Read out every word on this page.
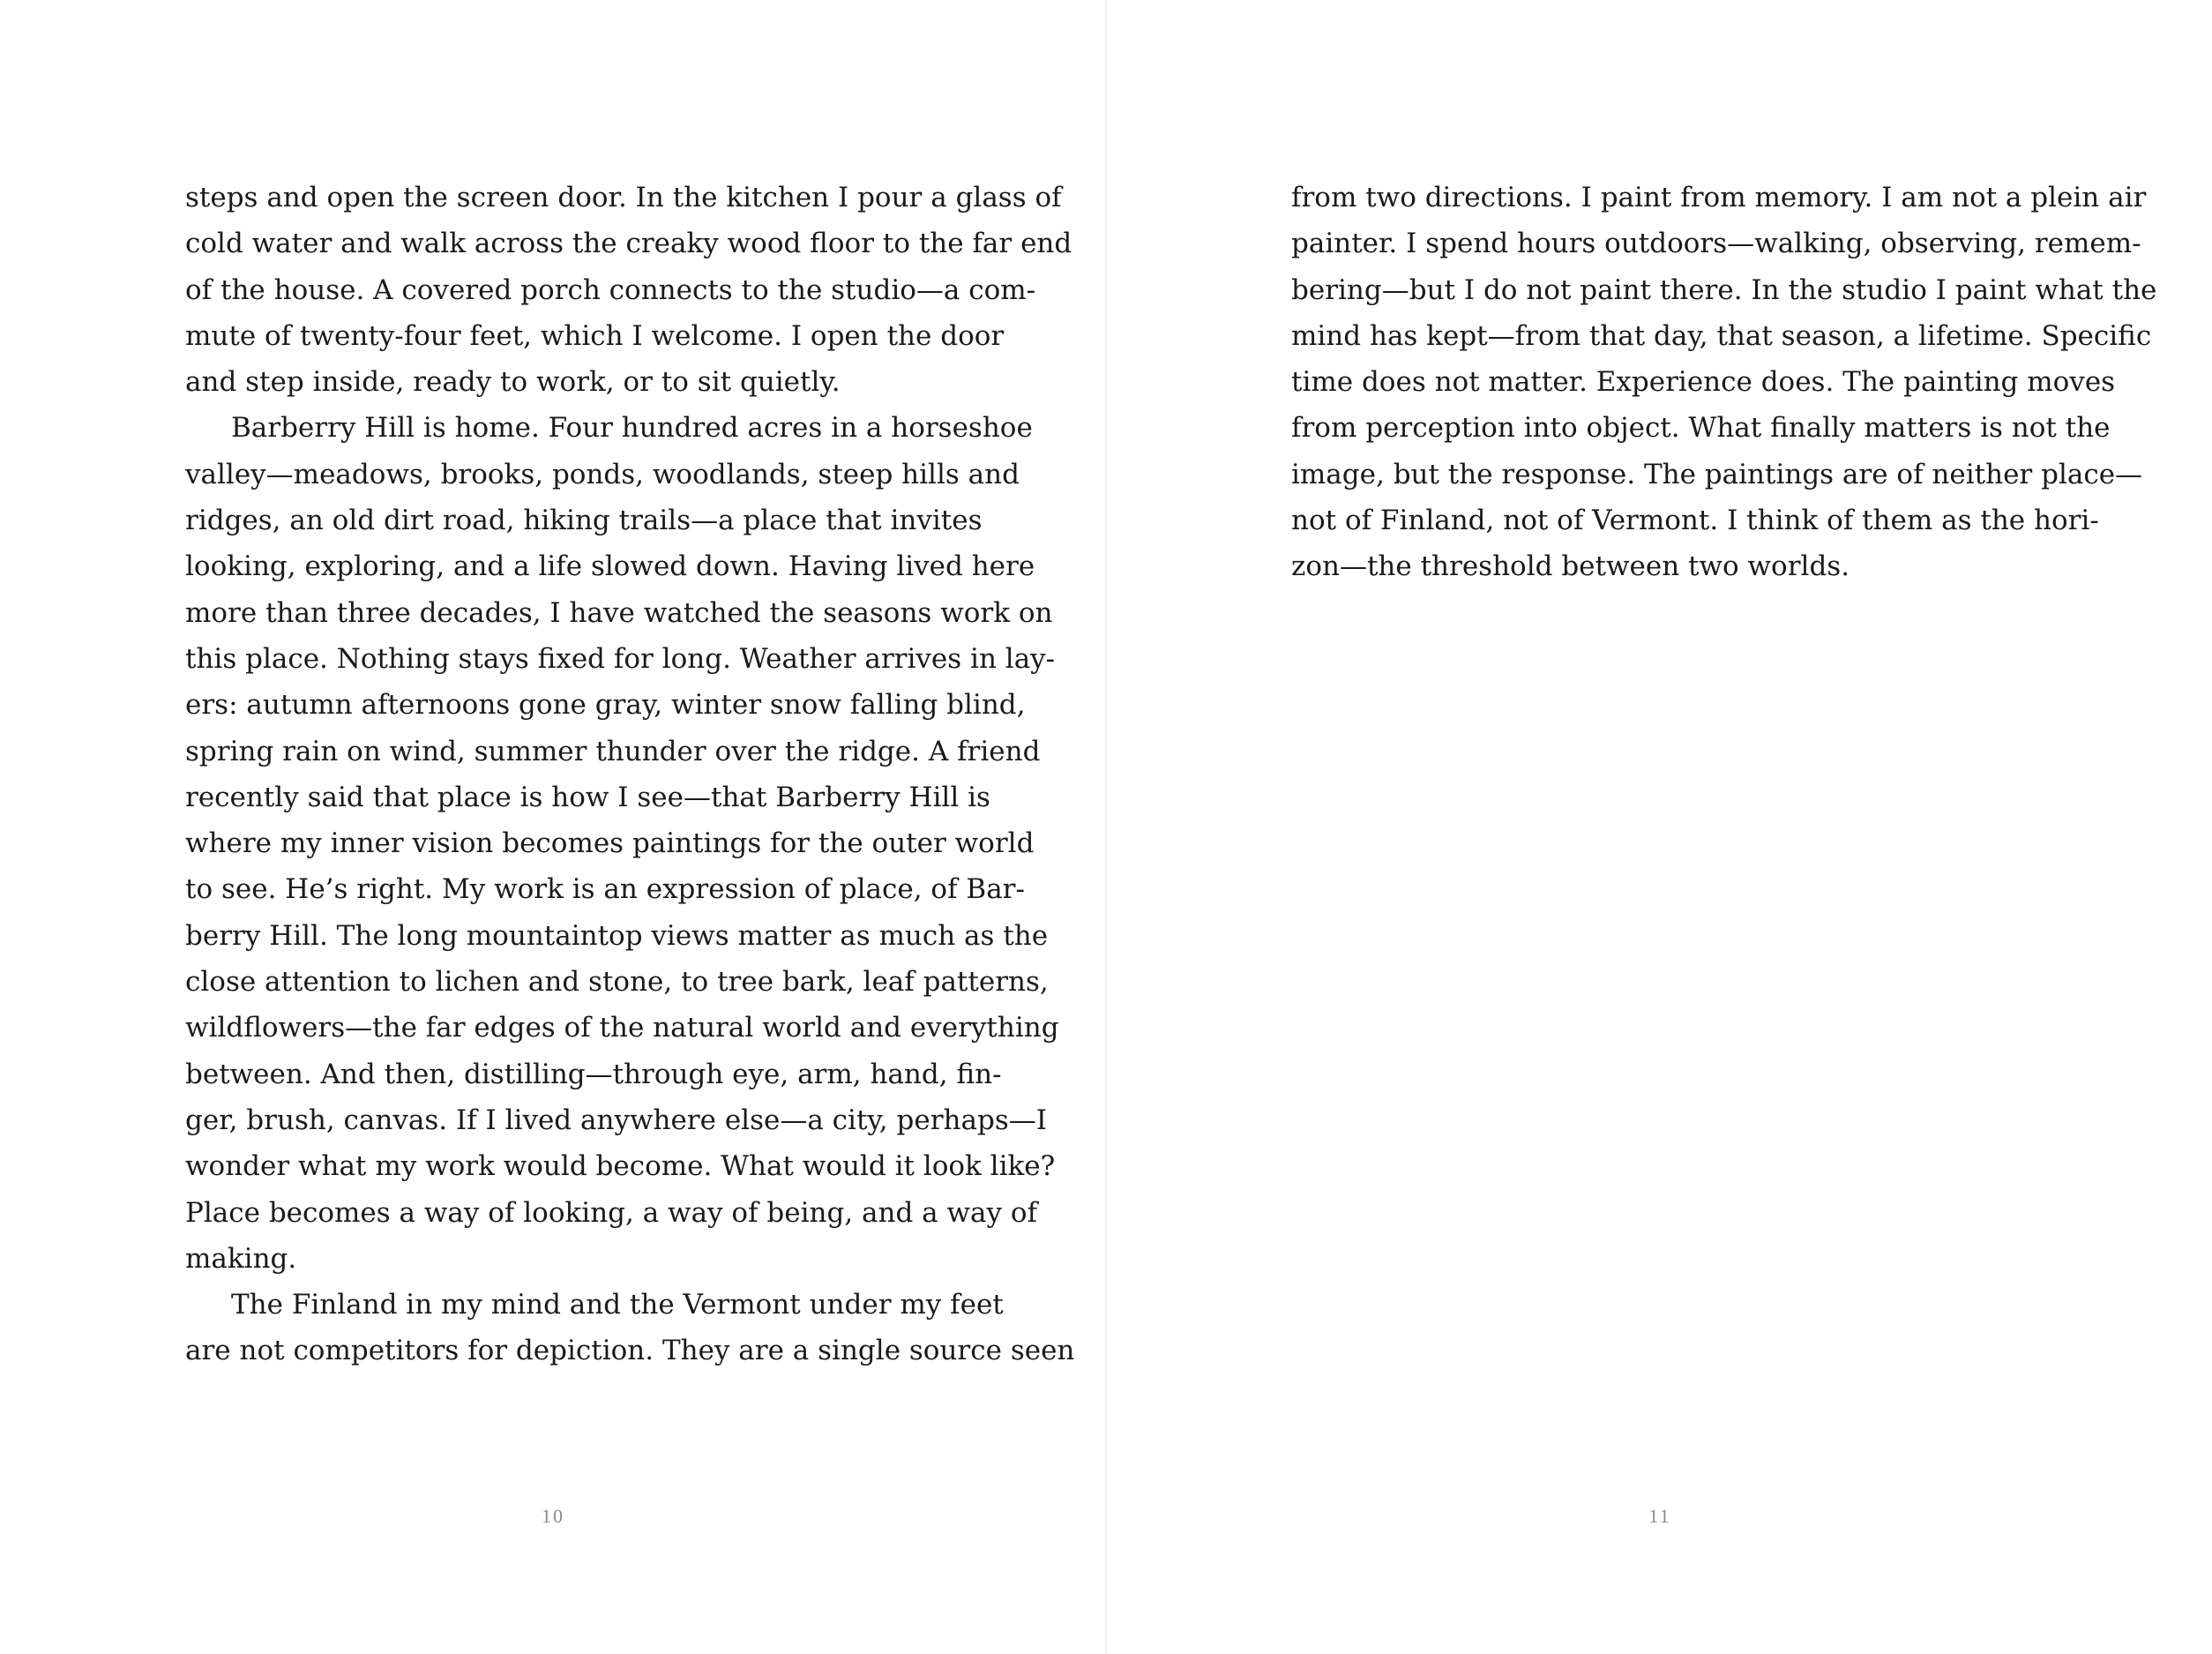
steps and open the screen door. In the kitchen I pour a glass of
cold water and walk across the creaky wood floor to the far end
of the house. A covered porch connects to the studio—a com-
mute of twenty-four feet, which I welcome. I open the door
and step inside, ready to work, or to sit quietly.

Barberry Hill is home. Four hundred acres in a horseshoe
valley—meadows, brooks, ponds, woodlands, steep hills and
ridges, an old dirt road, hiking trails—a place that invites
looking, exploring, and a life slowed down. Having lived here
more than three decades, I have watched the seasons work on
this place. Nothing stays fixed for long. Weather arrives in lay-
ers: autumn afternoons gone gray, winter snow falling blind,
spring rain on wind, summer thunder over the ridge. A friend
recently said that place is how I see—that Barberry Hill is
where my inner vision becomes paintings for the outer world
to see. He’s right. My work is an expression of place, of Bar-
berry Hill. The long mountaintop views matter as much as the
close attention to lichen and stone, to tree bark, leaf patterns,
wildflowers—the far edges of the natural world and everything
between. And then, distilling—through eye, arm, hand, fin-
ger, brush, canvas. If I lived anywhere else—a city, perhaps—I
wonder what my work would become. What would it look like?
Place becomes a way of looking, a way of being, and a way of
making.

The Finland in my mind and the Vermont under my feet
are not competitors for depiction. They are a single source seen

10

from two directions. I paint from memory. I am not a plein air
painter. I spend hours outdoors—walking, observing, remem-
bering—but I do not paint there. In the studio I paint what the
mind has kept—from that day, that season, a lifetime. Specific
time does not matter. Experience does. The painting moves
from perception into object. What finally matters is not the
image, but the response. The paintings are of neither place—
not of Finland, not of Vermont. I think of them as the hori-
zon—the threshold between two worlds.

11
